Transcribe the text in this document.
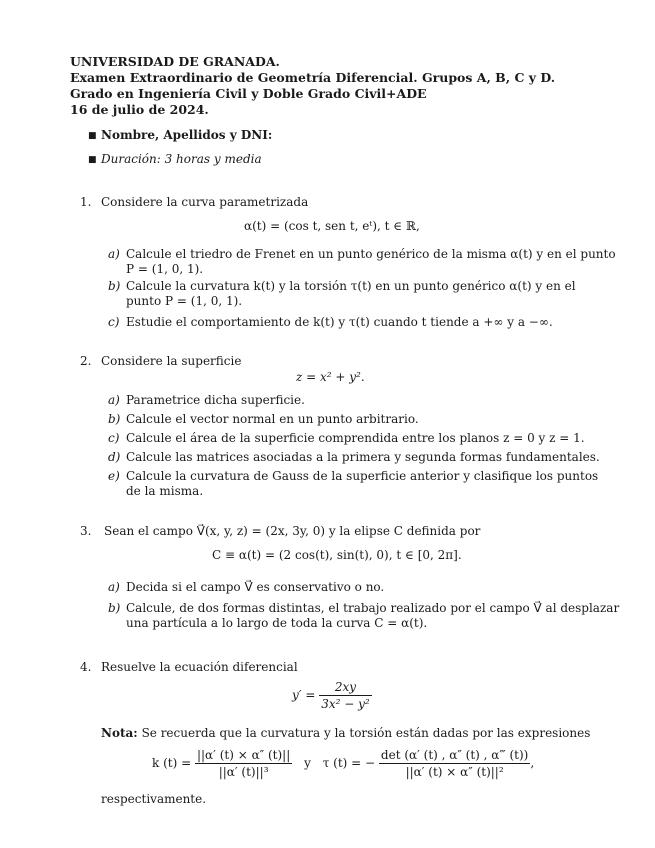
UNIVERSIDAD DE GRANADA.
Examen Extraordinario de Geometría Diferencial. Grupos A, B, C y D.
Grado en Ingeniería Civil y Doble Grado Civil+ADE
16 de julio de 2024.
■ Nombre, Apellidos y DNI:
■ Duración: 3 horas y media
1. Considere la curva parametrizada
α(t) = (cos t, sen t, eᵗ), t ∈ ℝ,
a) Calcule el triedro de Frenet en un punto genérico de la misma α(t) y en el punto
P = (1, 0, 1).
b) Calcule la curvatura k(t) y la torsión τ(t) en un punto genérico α(t) y en el
punto P = (1, 0, 1).
c) Estudie el comportamiento de k(t) y τ(t) cuando t tiende a +∞ y a −∞.
2. Considere la superficie
z = x² + y².
a) Parametrice dicha superficie.
b) Calcule el vector normal en un punto arbitrario.
c) Calcule el área de la superficie comprendida entre los planos z = 0 y z = 1.
d) Calcule las matrices asociadas a la primera y segunda formas fundamentales.
e) Calcule la curvatura de Gauss de la superficie anterior y clasifique los puntos
de la misma.
3. Sean el campo V⃗(x, y, z) = (2x, 3y, 0) y la elipse C definida por
C ≡ α(t) = (2 cos(t), sin(t), 0), t ∈ [0, 2π].
a) Decida si el campo V⃗ es conservativo o no.
b) Calcule, de dos formas distintas, el trabajo realizado por el campo V⃗ al desplazar
una partícula a lo largo de toda la curva C = α(t).
4. Resuelve la ecuación diferencial
$y' = \frac{2xy}{\text{3x² − y²}}$
Nota: Se recuerda que la curvatura y la torsión están dadas por las expresiones
k $(t) = \frac{||\alpha' (t) \times \alpha'' (t)||}{\text{||α′ (t)||³}}$ y τ (t) = − $\frac{\det (\alpha' (t) , \alpha'' (t) , \alpha‴ (t))}{\text{||α′ (t) × α″ (t)||²}}$ ,
respectivamente.
